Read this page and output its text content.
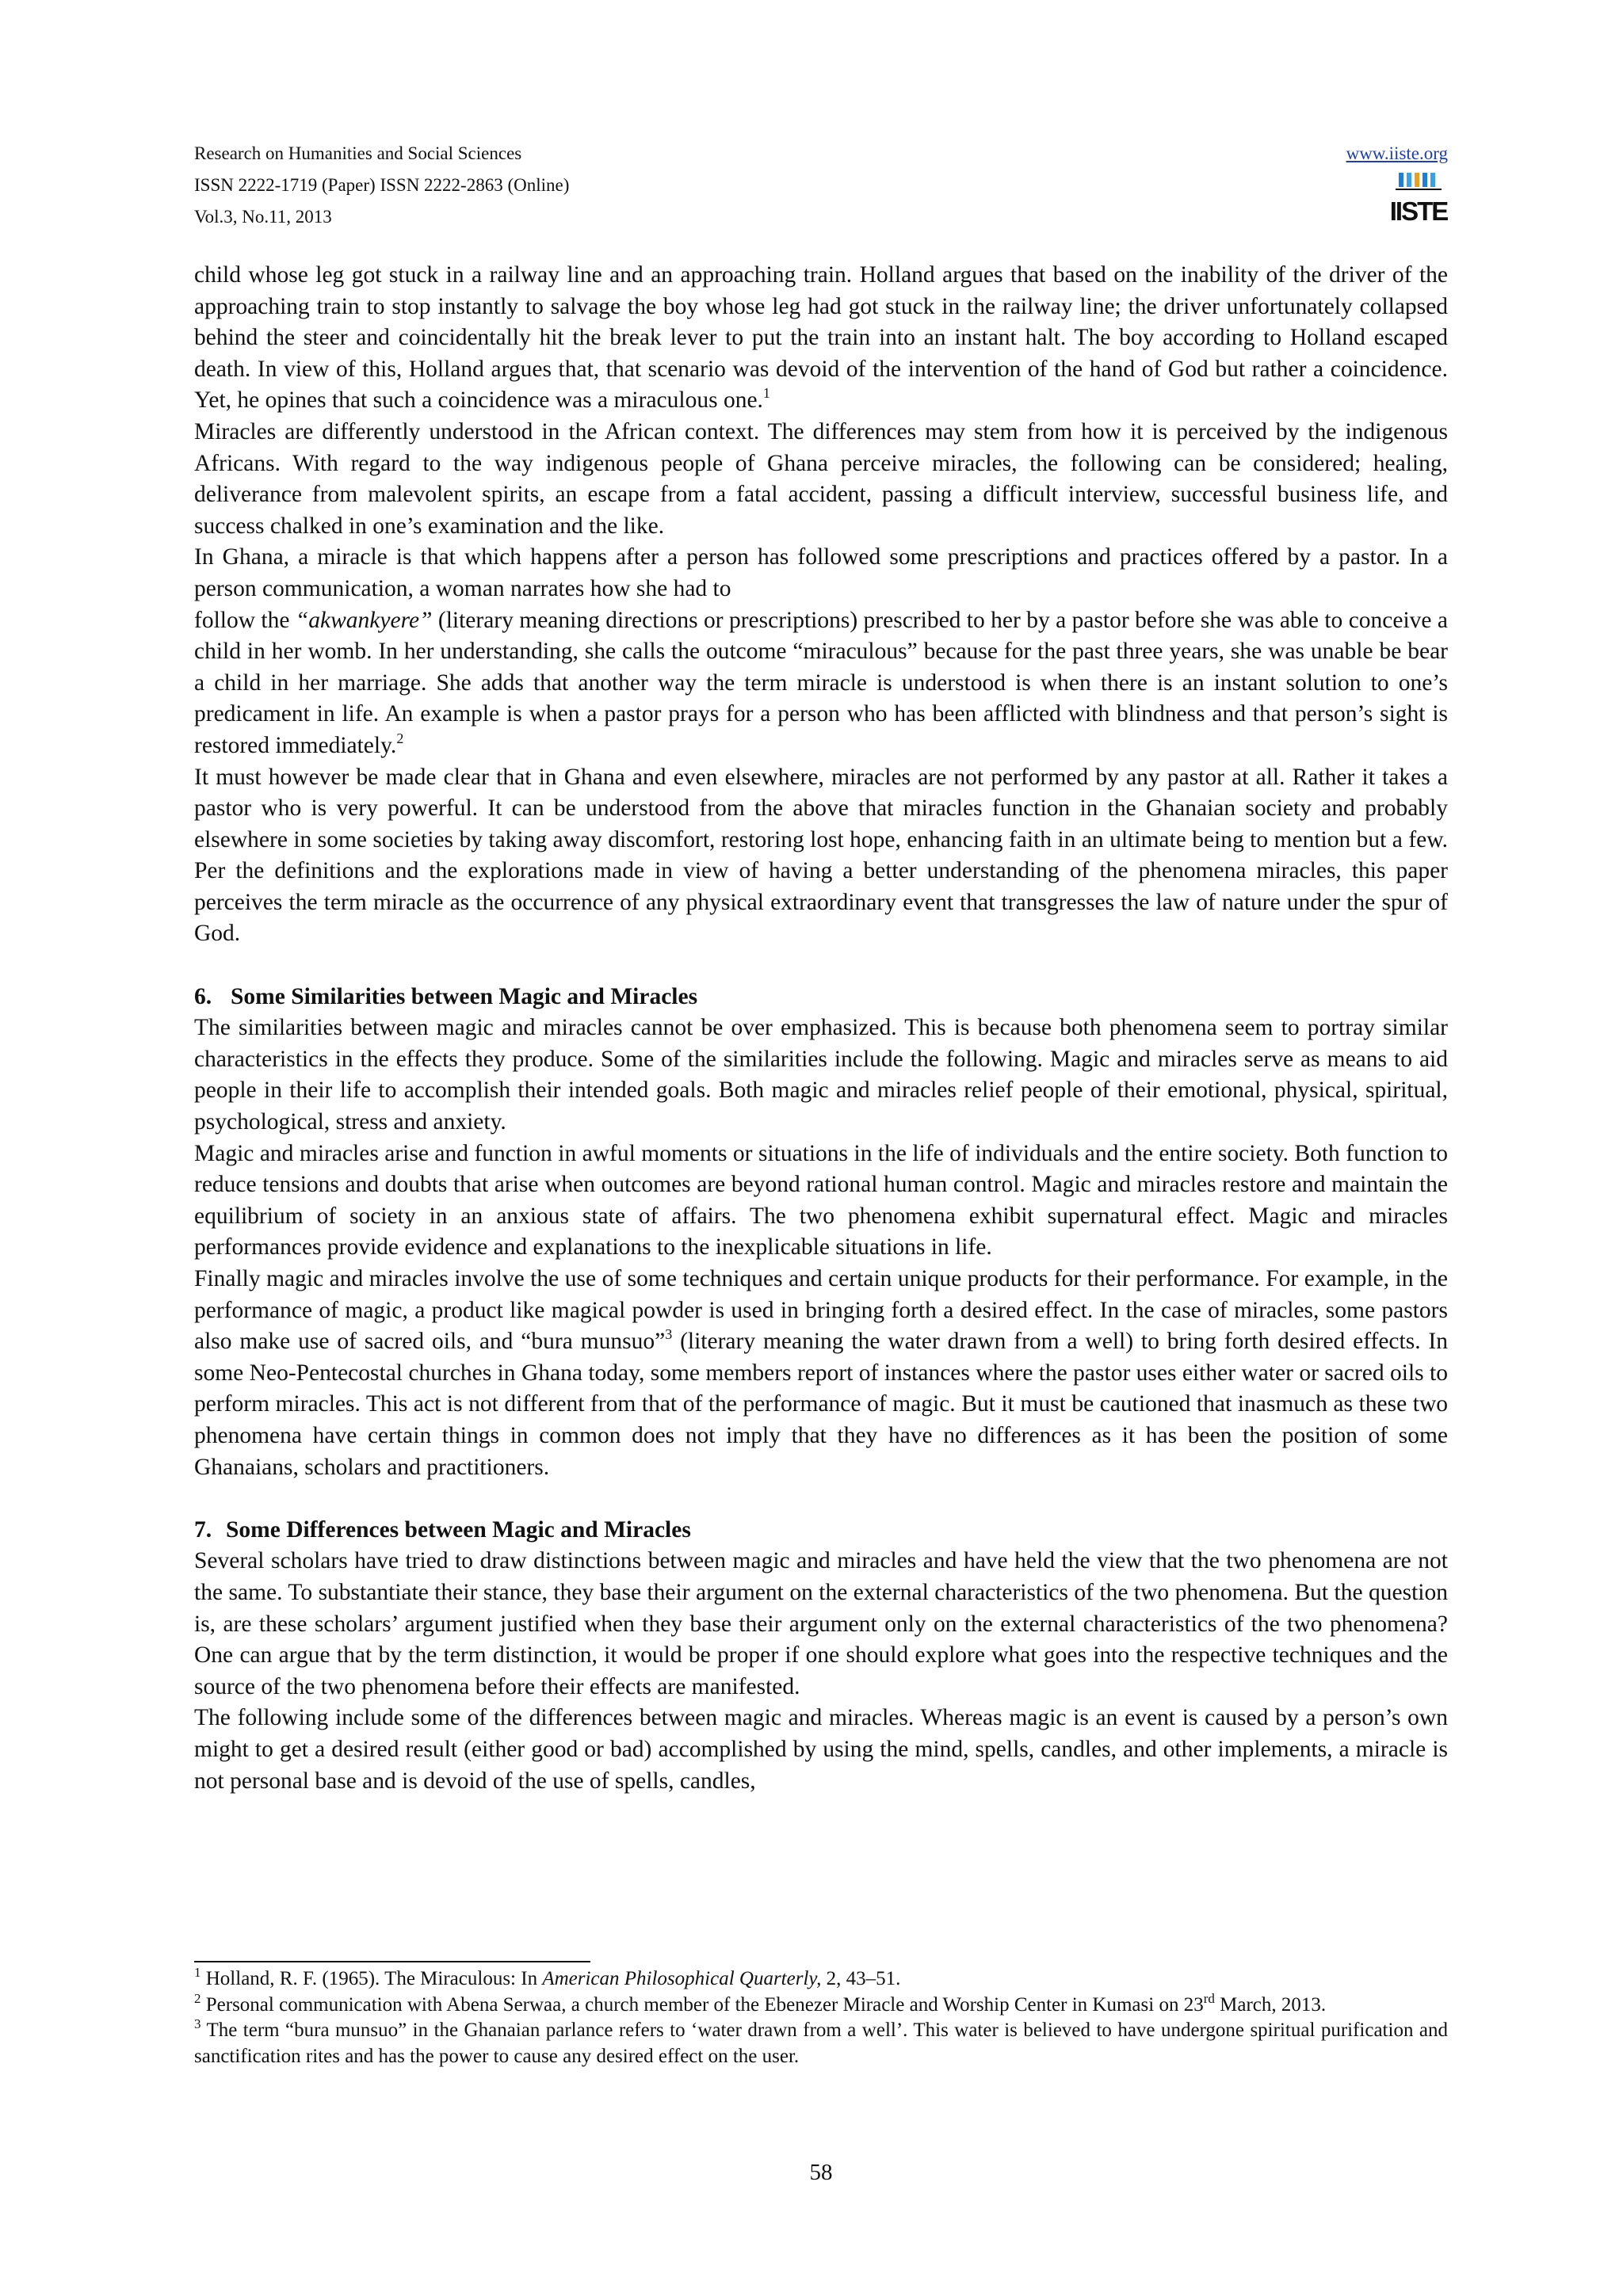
Research on Humanities and Social Sciences
ISSN 2222-1719 (Paper) ISSN 2222-2863 (Online)
Vol.3, No.11, 2013
www.iiste.org
IISTE

child whose leg got stuck in a railway line and an approaching train. Holland argues that based on the inability of the driver of the approaching train to stop instantly to salvage the boy whose leg had got stuck in the railway line; the driver unfortunately collapsed behind the steer and coincidentally hit the break lever to put the train into an instant halt. The boy according to Holland escaped death. In view of this, Holland argues that, that scenario was devoid of the intervention of the hand of God but rather a coincidence. Yet, he opines that such a coincidence was a miraculous one.$^1$

Miracles are differently understood in the African context. The differences may stem from how it is perceived by the indigenous Africans. With regard to the way indigenous people of Ghana perceive miracles, the following can be considered; healing, deliverance from malevolent spirits, an escape from a fatal accident, passing a difficult interview, successful business life, and success chalked in one’s examination and the like.

In Ghana, a miracle is that which happens after a person has followed some prescriptions and practices offered by a pastor. In a person communication, a woman narrates how she had to

follow the “akwankyere” (literary meaning directions or prescriptions) prescribed to her by a pastor before she was able to conceive a child in her womb. In her understanding, she calls the outcome “miraculous” because for the past three years, she was unable be bear a child in her marriage. She adds that another way the term miracle is understood is when there is an instant solution to one’s predicament in life. An example is when a pastor prays for a person who has been afflicted with blindness and that person’s sight is restored immediately.$^2$

It must however be made clear that in Ghana and even elsewhere, miracles are not performed by any pastor at all. Rather it takes a pastor who is very powerful. It can be understood from the above that miracles function in the Ghanaian society and probably elsewhere in some societies by taking away discomfort, restoring lost hope, enhancing faith in an ultimate being to mention but a few. Per the definitions and the explorations made in view of having a better understanding of the phenomena miracles, this paper perceives the term miracle as the occurrence of any physical extraordinary event that transgresses the law of nature under the spur of God.

6. Some Similarities between Magic and Miracles

The similarities between magic and miracles cannot be over emphasized. This is because both phenomena seem to portray similar characteristics in the effects they produce. Some of the similarities include the following. Magic and miracles serve as means to aid people in their life to accomplish their intended goals. Both magic and miracles relief people of their emotional, physical, spiritual, psychological, stress and anxiety.

Magic and miracles arise and function in awful moments or situations in the life of individuals and the entire society. Both function to reduce tensions and doubts that arise when outcomes are beyond rational human control. Magic and miracles restore and maintain the equilibrium of society in an anxious state of affairs. The two phenomena exhibit supernatural effect. Magic and miracles performances provide evidence and explanations to the inexplicable situations in life.

Finally magic and miracles involve the use of some techniques and certain unique products for their performance. For example, in the performance of magic, a product like magical powder is used in bringing forth a desired effect. In the case of miracles, some pastors also make use of sacred oils, and “bura munsuo”$^3$ (literary meaning the water drawn from a well) to bring forth desired effects. In some Neo-Pentecostal churches in Ghana today, some members report of instances where the pastor uses either water or sacred oils to perform miracles. This act is not different from that of the performance of magic. But it must be cautioned that inasmuch as these two phenomena have certain things in common does not imply that they have no differences as it has been the position of some Ghanaians, scholars and practitioners.

7. Some Differences between Magic and Miracles

Several scholars have tried to draw distinctions between magic and miracles and have held the view that the two phenomena are not the same. To substantiate their stance, they base their argument on the external characteristics of the two phenomena. But the question is, are these scholars’ argument justified when they base their argument only on the external characteristics of the two phenomena? One can argue that by the term distinction, it would be proper if one should explore what goes into the respective techniques and the source of the two phenomena before their effects are manifested.

The following include some of the differences between magic and miracles. Whereas magic is an event is caused by a person’s own might to get a desired result (either good or bad) accomplished by using the mind, spells, candles, and other implements, a miracle is not personal base and is devoid of the use of spells, candles,

$^1$ Holland, R. F. (1965). The Miraculous: In American Philosophical Quarterly, 2, 43–51.

$^2$ Personal communication with Abena Serwaa, a church member of the Ebenezer Miracle and Worship Center in Kumasi on 23rd March, 2013.

$^3$ The term “bura munsuo” in the Ghanaian parlance refers to ‘water drawn from a well’. This water is believed to have undergone spiritual purification and sanctification rites and has the power to cause any desired effect on the user.

58
